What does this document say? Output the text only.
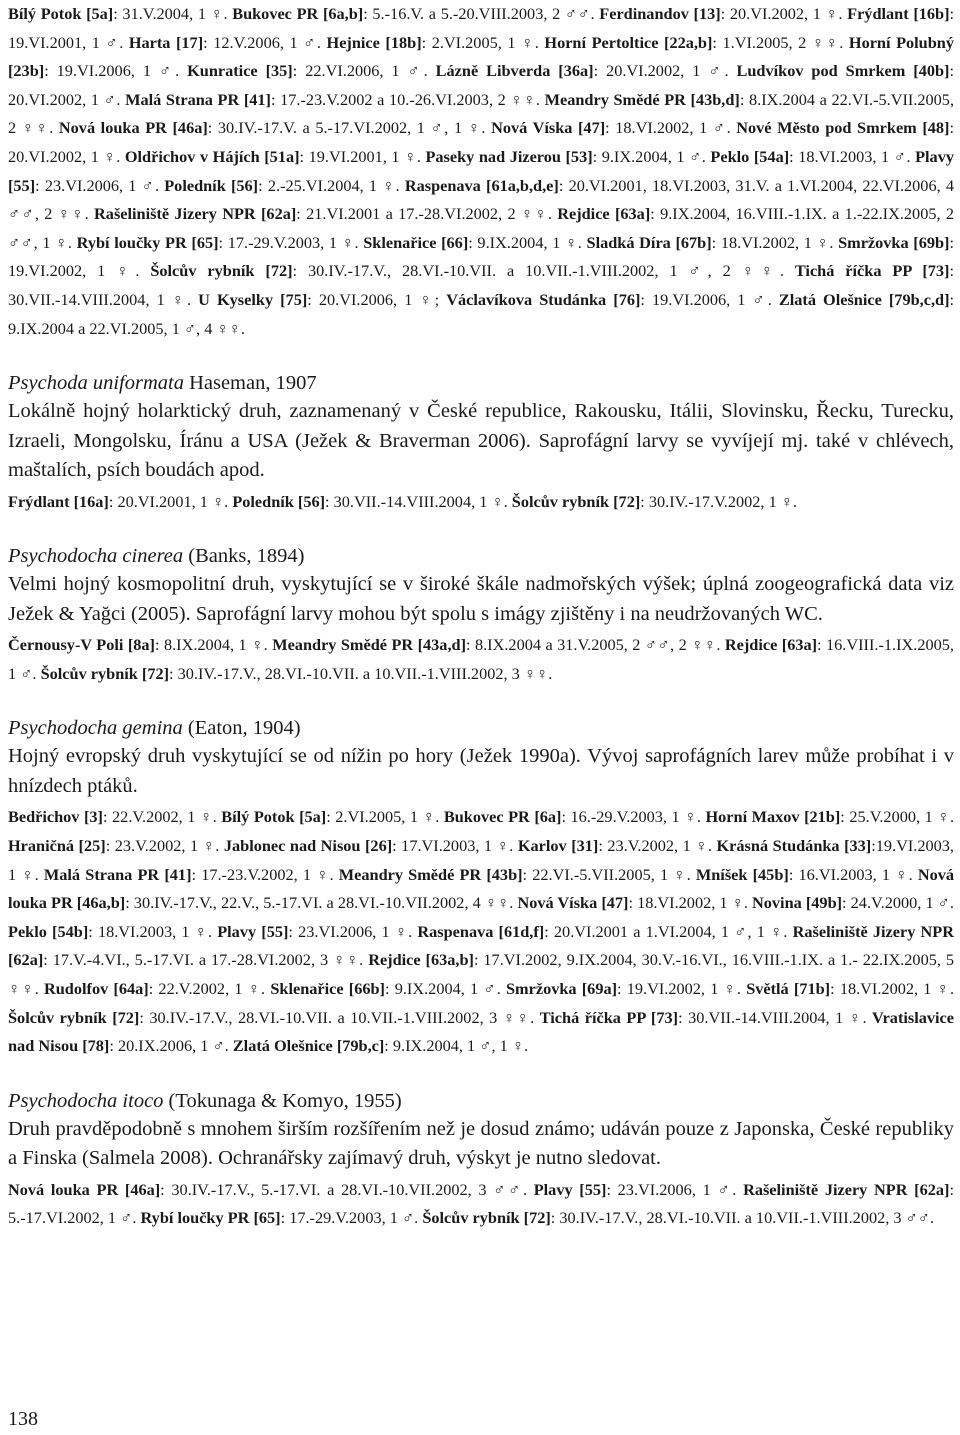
Bílý Potok [5a]: 31.V.2004, 1 ♀. Bukovec PR [6a,b]: 5.-16.V. a 5.-20.VIII.2003, 2 ♂♂. Ferdinandov [13]: 20.VI.2002, 1 ♀. Frýdlant [16b]: 19.VI.2001, 1 ♂. Harta [17]: 12.V.2006, 1 ♂. Hejnice [18b]: 2.VI.2005, 1 ♀. Horní Pertoltice [22a,b]: 1.VI.2005, 2 ♀♀. Horní Polubný [23b]: 19.VI.2006, 1 ♂. Kunratice [35]: 22.VI.2006, 1 ♂. Lázně Libverda [36a]: 20.VI.2002, 1 ♂. Ludvíkov pod Smrkem [40b]: 20.VI.2002, 1 ♂. Malá Strana PR [41]: 17.-23.V.2002 a 10.-26.VI.2003, 2 ♀♀. Meandry Smědé PR [43b,d]: 8.IX.2004 a 22.VI.-5.VII.2005, 2 ♀♀. Nová louka PR [46a]: 30.IV.-17.V. a 5.-17.VI.2002, 1 ♂, 1 ♀. Nová Víska [47]: 18.VI.2002, 1 ♂. Nové Město pod Smrkem [48]: 20.VI.2002, 1 ♀. Oldřichov v Hájích [51a]: 19.VI.2001, 1 ♀. Paseky nad Jizerou [53]: 9.IX.2004, 1 ♂. Peklo [54a]: 18.VI.2003, 1 ♂. Plavy [55]: 23.VI.2006, 1 ♂. Poledník [56]: 2.-25.VI.2004, 1 ♀. Raspenava [61a,b,d,e]: 20.VI.2001, 18.VI.2003, 31.V. a 1.VI.2004, 22.VI.2006, 4 ♂♂, 2 ♀♀. Rašeliniště Jizery NPR [62a]: 21.VI.2001 a 17.-28.VI.2002, 2 ♀♀. Rejdice [63a]: 9.IX.2004, 16.VIII.-1.IX. a 1.-22.IX.2005, 2 ♂♂, 1 ♀. Rybí loučky PR [65]: 17.-29.V.2003, 1 ♀. Sklenařice [66]: 9.IX.2004, 1 ♀. Sladká Díra [67b]: 18.VI.2002, 1 ♀. Smržovka [69b]: 19.VI.2002, 1 ♀. Šolcův rybník [72]: 30.IV.-17.V., 28.VI.-10.VII. a 10.VII.-1.VIII.2002, 1 ♂, 2 ♀♀. Tichá říčka PP [73]: 30.VII.-14.VIII.2004, 1 ♀. U Kyselky [75]: 20.VI.2006, 1 ♀; Václavíkova Studánka [76]: 19.VI.2006, 1 ♂. Zlatá Olešnice [79b,c,d]: 9.IX.2004 a 22.VI.2005, 1 ♂, 4 ♀♀.

Psychoda uniformata Haseman, 1907

Lokálně hojný holarktický druh, zaznamenaný v České republice, Rakousku, Itálii, Slovinsku, Řecku, Turecku, Izraeli, Mongolsku, Íránu a USA (Ježek & Braverman 2006). Saprofágní larvy se vyvíjejí mj. také v chlévech, maštalích, psích boudách apod.

Frýdlant [16a]: 20.VI.2001, 1 ♀. Poledník [56]: 30.VII.-14.VIII.2004, 1 ♀. Šolcův rybník [72]: 30.IV.-17.V.2002, 1 ♀.

Psychodocha cinerea (Banks, 1894)

Velmi hojný kosmopolitní druh, vyskytující se v široké škále nadmořských výšek; úplná zoogeografická data viz Ježek & Yağci (2005). Saprofágní larvy mohou být spolu s imágy zjištěny i na neudržovaných WC.

Černousy-V Poli [8a]: 8.IX.2004, 1 ♀. Meandry Smědé PR [43a,d]: 8.IX.2004 a 31.V.2005, 2 ♂♂, 2 ♀♀. Rejdice [63a]: 16.VIII.-1.IX.2005, 1 ♂. Šolcův rybník [72]: 30.IV.-17.V., 28.VI.-10.VII. a 10.VII.-1.VIII.2002, 3 ♀♀.

Psychodocha gemina (Eaton, 1904)

Hojný evropský druh vyskytující se od nížin po hory (Ježek 1990a). Vývoj saprofágních larev může probíhat i v hnízdech ptáků.

Bedřichov [3]: 22.V.2002, 1 ♀. Bílý Potok [5a]: 2.VI.2005, 1 ♀. Bukovec PR [6a]: 16.-29.V.2003, 1 ♀. Horní Maxov [21b]: 25.V.2000, 1 ♀. Hraničná [25]: 23.V.2002, 1 ♀. Jablonec nad Nisou [26]: 17.VI.2003, 1 ♀. Karlov [31]: 23.V.2002, 1 ♀. Krásná Studánka [33]:19.VI.2003, 1 ♀. Malá Strana PR [41]: 17.-23.V.2002, 1 ♀. Meandry Smědé PR [43b]: 22.VI.-5.VII.2005, 1 ♀. Mníšek [45b]: 16.VI.2003, 1 ♀. Nová louka PR [46a,b]: 30.IV.-17.V., 22.V., 5.-17.VI. a 28.VI.-10.VII.2002, 4 ♀♀. Nová Víska [47]: 18.VI.2002, 1 ♀. Novina [49b]: 24.V.2000, 1 ♂. Peklo [54b]: 18.VI.2003, 1 ♀. Plavy [55]: 23.VI.2006, 1 ♀. Raspenava [61d,f]: 20.VI.2001 a 1.VI.2004, 1 ♂, 1 ♀. Rašeliniště Jizery NPR [62a]: 17.V.-4.VI., 5.-17.VI. a 17.-28.VI.2002, 3 ♀♀. Rejdice [63a,b]: 17.VI.2002, 9.IX.2004, 30.V.-16.VI., 16.VIII.-1.IX. a 1.- 22.IX.2005, 5 ♀♀. Rudolfov [64a]: 22.V.2002, 1 ♀. Sklenařice [66b]: 9.IX.2004, 1 ♂. Smržovka [69a]: 19.VI.2002, 1 ♀. Světlá [71b]: 18.VI.2002, 1 ♀. Šolcův rybník [72]: 30.IV.-17.V., 28.VI.-10.VII. a 10.VII.-1.VIII.2002, 3 ♀♀. Tichá říčka PP [73]: 30.VII.-14.VIII.2004, 1 ♀. Vratislavice nad Nisou [78]: 20.IX.2006, 1 ♂. Zlatá Olešnice [79b,c]: 9.IX.2004, 1 ♂, 1 ♀.

Psychodocha itoco (Tokunaga & Komyo, 1955)

Druh pravděpodobně s mnohem širším rozšířením než je dosud známo; udáván pouze z Japonska, České republiky a Finska (Salmela 2008). Ochranářsky zajímavý druh, výskyt je nutno sledovat.

Nová louka PR [46a]: 30.IV.-17.V., 5.-17.VI. a 28.VI.-10.VII.2002, 3 ♂♂. Plavy [55]: 23.VI.2006, 1 ♂. Rašeliniště Jizery NPR [62a]: 5.-17.VI.2002, 1 ♂. Rybí loučky PR [65]: 17.-29.V.2003, 1 ♂. Šolcův rybník [72]: 30.IV.-17.V., 28.VI.-10.VII. a 10.VII.-1.VIII.2002, 3 ♂♂.

138
